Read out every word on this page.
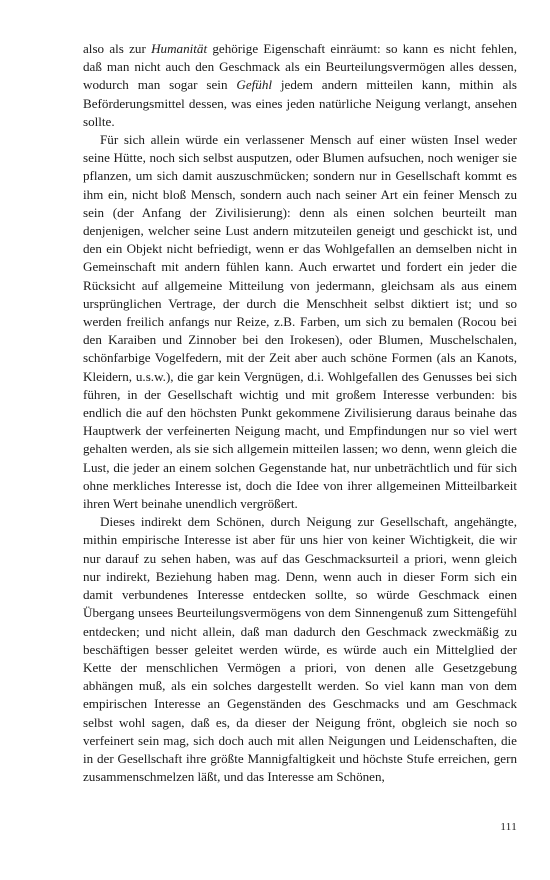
also als zur Humanität gehörige Eigenschaft einräumt: so kann es nicht fehlen, daß man nicht auch den Geschmack als ein Beurteilungsvermögen alles dessen, wodurch man sogar sein Gefühl jedem andern mitteilen kann, mithin als Beförderungsmittel dessen, was eines jeden natürliche Neigung verlangt, ansehen sollte.

Für sich allein würde ein verlassener Mensch auf einer wüsten Insel weder seine Hütte, noch sich selbst ausputzen, oder Blumen aufsuchen, noch weniger sie pflanzen, um sich damit auszuschmücken; sondern nur in Gesellschaft kommt es ihm ein, nicht bloß Mensch, sondern auch nach seiner Art ein feiner Mensch zu sein (der Anfang der Zivilisierung): denn als einen solchen beurteilt man denjenigen, welcher seine Lust andern mitzuteilen geneigt und geschickt ist, und den ein Objekt nicht befriedigt, wenn er das Wohlgefallen an demselben nicht in Gemeinschaft mit andern fühlen kann. Auch erwartet und fordert ein jeder die Rücksicht auf allgemeine Mitteilung von jedermann, gleichsam als aus einem ursprünglichen Vertrage, der durch die Menschheit selbst diktiert ist; und so werden freilich anfangs nur Reize, z.B. Farben, um sich zu bemalen (Rocou bei den Karaiben und Zinnober bei den Irokesen), oder Blumen, Muschelschalen, schönfarbige Vogelfedern, mit der Zeit aber auch schöne Formen (als an Kanots, Kleidern, u.s.w.), die gar kein Vergnügen, d.i. Wohlgefallen des Genusses bei sich führen, in der Gesellschaft wichtig und mit großem Interesse verbunden: bis endlich die auf den höchsten Punkt gekommene Zivilisierung daraus beinahe das Hauptwerk der verfeinerten Neigung macht, und Empfindungen nur so viel wert gehalten werden, als sie sich allgemein mitteilen lassen; wo denn, wenn gleich die Lust, die jeder an einem solchen Gegenstande hat, nur unbeträchtlich und für sich ohne merkliches Interesse ist, doch die Idee von ihrer allgemeinen Mitteilbarkeit ihren Wert beinahe unendlich vergrößert.

Dieses indirekt dem Schönen, durch Neigung zur Gesellschaft, angehängte, mithin empirische Interesse ist aber für uns hier von keiner Wichtigkeit, die wir nur darauf zu sehen haben, was auf das Geschmacksurteil a priori, wenn gleich nur indirekt, Beziehung haben mag. Denn, wenn auch in dieser Form sich ein damit verbundenes Interesse entdecken sollte, so würde Geschmack einen Übergang unsees Beurteilungsvermögens von dem Sinnengenuß zum Sittengefühl entdecken; und nicht allein, daß man dadurch den Geschmack zweckmäßig zu beschäftigen besser geleitet werden würde, es würde auch ein Mittelglied der Kette der menschlichen Vermögen a priori, von denen alle Gesetzgebung abhängen muß, als ein solches dargestellt werden. So viel kann man von dem empirischen Interesse an Gegenständen des Geschmacks und am Geschmack selbst wohl sagen, daß es, da dieser der Neigung frönt, obgleich sie noch so verfeinert sein mag, sich doch auch mit allen Neigungen und Leidenschaften, die in der Gesellschaft ihre größte Mannigfaltigkeit und höchste Stufe erreichen, gern zusammenschmelzen läßt, und das Interesse am Schönen,

111
